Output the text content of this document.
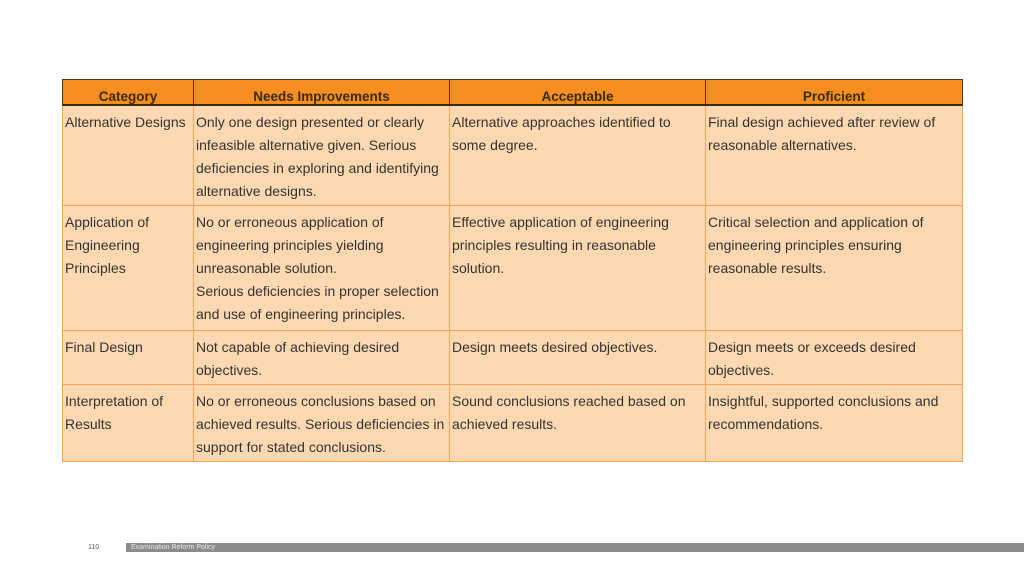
Category	Needs Improvements	Acceptable	Proficient

Alternative Designs	Only one design presented or clearly
infeasible alternative given. Serious
deficiencies in exploring and identifying
alternative designs.	Alternative approaches identified to
some degree.	Final design achieved after review of
reasonable alternatives.

Application of
Engineering
Principles	No or erroneous application of
engineering principles yielding
unreasonable solution.
Serious deficiencies in proper selection
and use of engineering principles.	Effective application of engineering
principles resulting in reasonable
solution.	Critical selection and application of
engineering principles ensuring
reasonable results.

Final Design	Not capable of achieving desired
objectives.	Design meets desired objectives.	Design meets or exceeds desired
objectives.

Interpretation of
Results	No or erroneous conclusions based on
achieved results. Serious deficiencies in
support for stated conclusions.	Sound conclusions reached based on
achieved results.	Insightful, supported conclusions and
recommendations.
110	Examination Reform Policy
